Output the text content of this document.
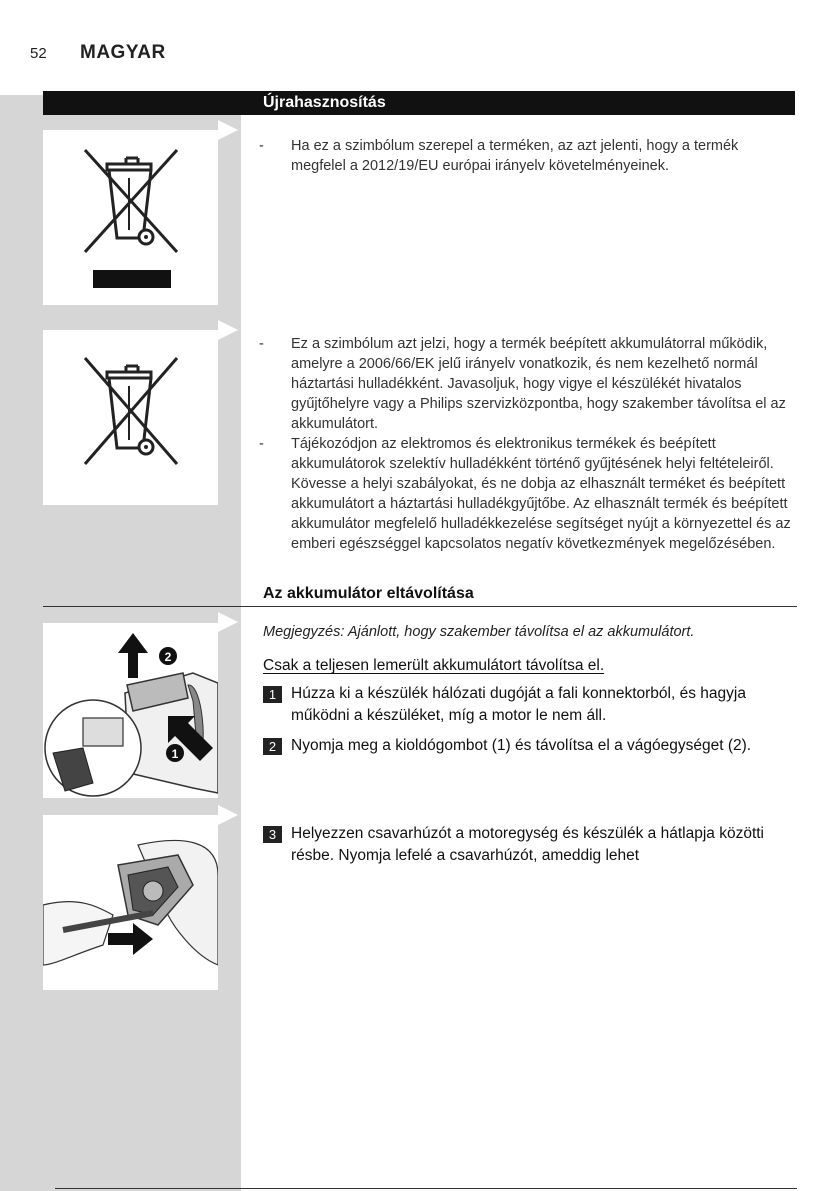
52 MAGYAR
Újrahasznosítás
- Ha ez a szimbólum szerepel a terméken, az azt jelenti, hogy a termék megfelel a 2012/19/EU európai irányelv követelményeinek.
- Ez a szimbólum azt jelzi, hogy a termék beépített akkumulátorral működik, amelyre a 2006/66/EK jelű irányelv vonatkozik, és nem kezelhető normál háztartási hulladékként. Javasoljuk, hogy vigye el készülékét hivatalos gyűjtőhelyre vagy a Philips szervizközpontba, hogy szakember távolítsa el az akkumulátort.
- Tájékozódjon az elektromos és elektronikus termékek és beépített akkumulátorok szelektív hulladékként történő gyűjtésének helyi feltételeiről. Kövesse a helyi szabályokat, és ne dobja az elhasznált terméket és beépített akkumulátort a háztartási hulladékgyűjtőbe. Az elhasznált termék és beépített akkumulátor megfelelő hulladékkezelése segítséget nyújt a környezettel és az emberi egészséggel kapcsolatos negatív következmények megelőzésében.
Az akkumulátor eltávolítása
2
1
Megjegyzés: Ajánlott, hogy szakember távolítsa el az akkumulátort.
Csak a teljesen lemerült akkumulátort távolítsa el.
1 Húzza ki a készülék hálózati dugóját a fali konnektorból, és hagyja működni a készüléket, míg a motor le nem áll.
2 Nyomja meg a kioldógombot (1) és távolítsa el a vágóegységet (2).
3 Helyezzen csavarhúzót a motoregység és készülék a hátlapja közötti résbe. Nyomja lefelé a csavarhúzót, ameddig lehet
